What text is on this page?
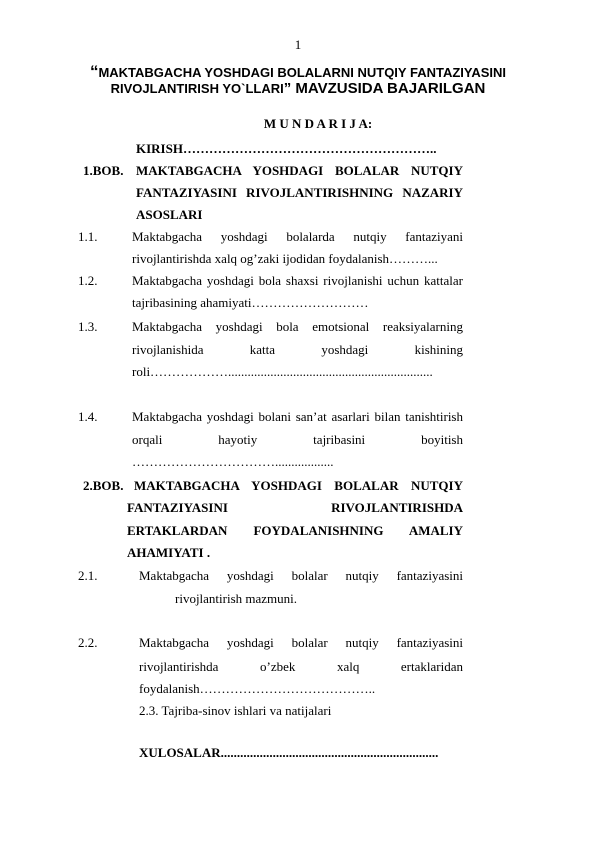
1
“MAKTABGACHA YOSHDAGI BOLALARNI NUTQIY FANTAZIYASINI
RIVOJLANTIRISH YO`LLARI” MAVZUSIDA BAJARILGAN
M U N D A R I J A:
KIRISH…………………………………………………..
1.BOB. MAKTABGACHA YOSHDAGI BOLALAR NUTQIY
FANTAZIYASINI RIVOJLANTIRISHNING NAZARIY
ASOSLARI
1.1.	Maktabgacha yoshdagi bolalarda nutqiy fantaziyani
rivojlantirishda xalq og’zaki ijodidan foydalanish………...
1.2.	Maktabgacha yoshdagi bola shaxsi rivojlanishi uchun kattalar
tajribasining ahamiyati………………………
1.3.	Maktabgacha yoshdagi bola emotsional reaksiyalarning
rivojlanishida katta yoshdagi kishining
roli………………...............................................................
1.4.	Maktabgacha yoshdagi bolani san’at asarlari bilan tanishtirish
orqali hayotiy tajribasini boyitish
……………………………..................
2.BOB. MAKTABGACHA YOSHDAGI BOLALAR NUTQIY
FANTAZIYASINI RIVOJLANTIRISHDA
ERTAKLARDAN FOYDALANISHNING AMALIY
AHAMIYATI .
2.1.	Maktabgacha yoshdagi bolalar nutqiy fantaziyasini
rivojlantirish mazmuni.
2.2.	Maktabgacha yoshdagi bolalar nutqiy fantaziyasini
rivojlantirishda o’zbek xalq ertaklaridan
foydalanish…………………………………..
2.3. Tajriba-sinov ishlari va natijalari
XULOSALAR...................................................................
